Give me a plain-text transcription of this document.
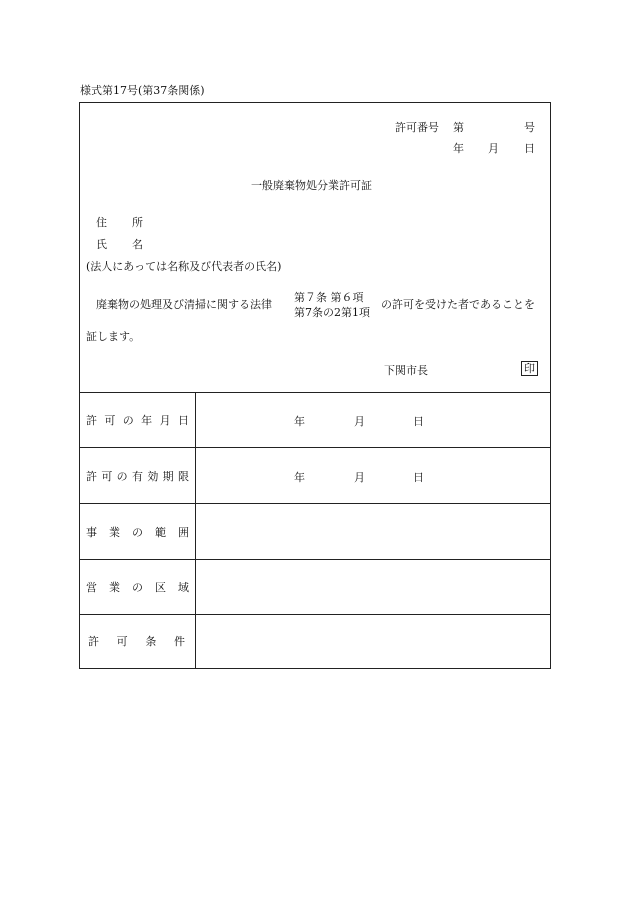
様式第17号(第37条関係)
許可番号 第	号
年 月 日
一般廃棄物処分業許可証
住 所
氏 名
(法人にあっては名称及び代表者の氏名)
廃棄物の処理及び清掃に関する法律
第７条 第６項
第7条の2第1項
の許可を受けた者であることを
証します。
下関市長	印
許 可 の 年 月 日	年	月	日
許 可 の 有 効 期 限	年	月	日
事 業 の 範 囲
営 業 の 区 域
許 可 条 件
